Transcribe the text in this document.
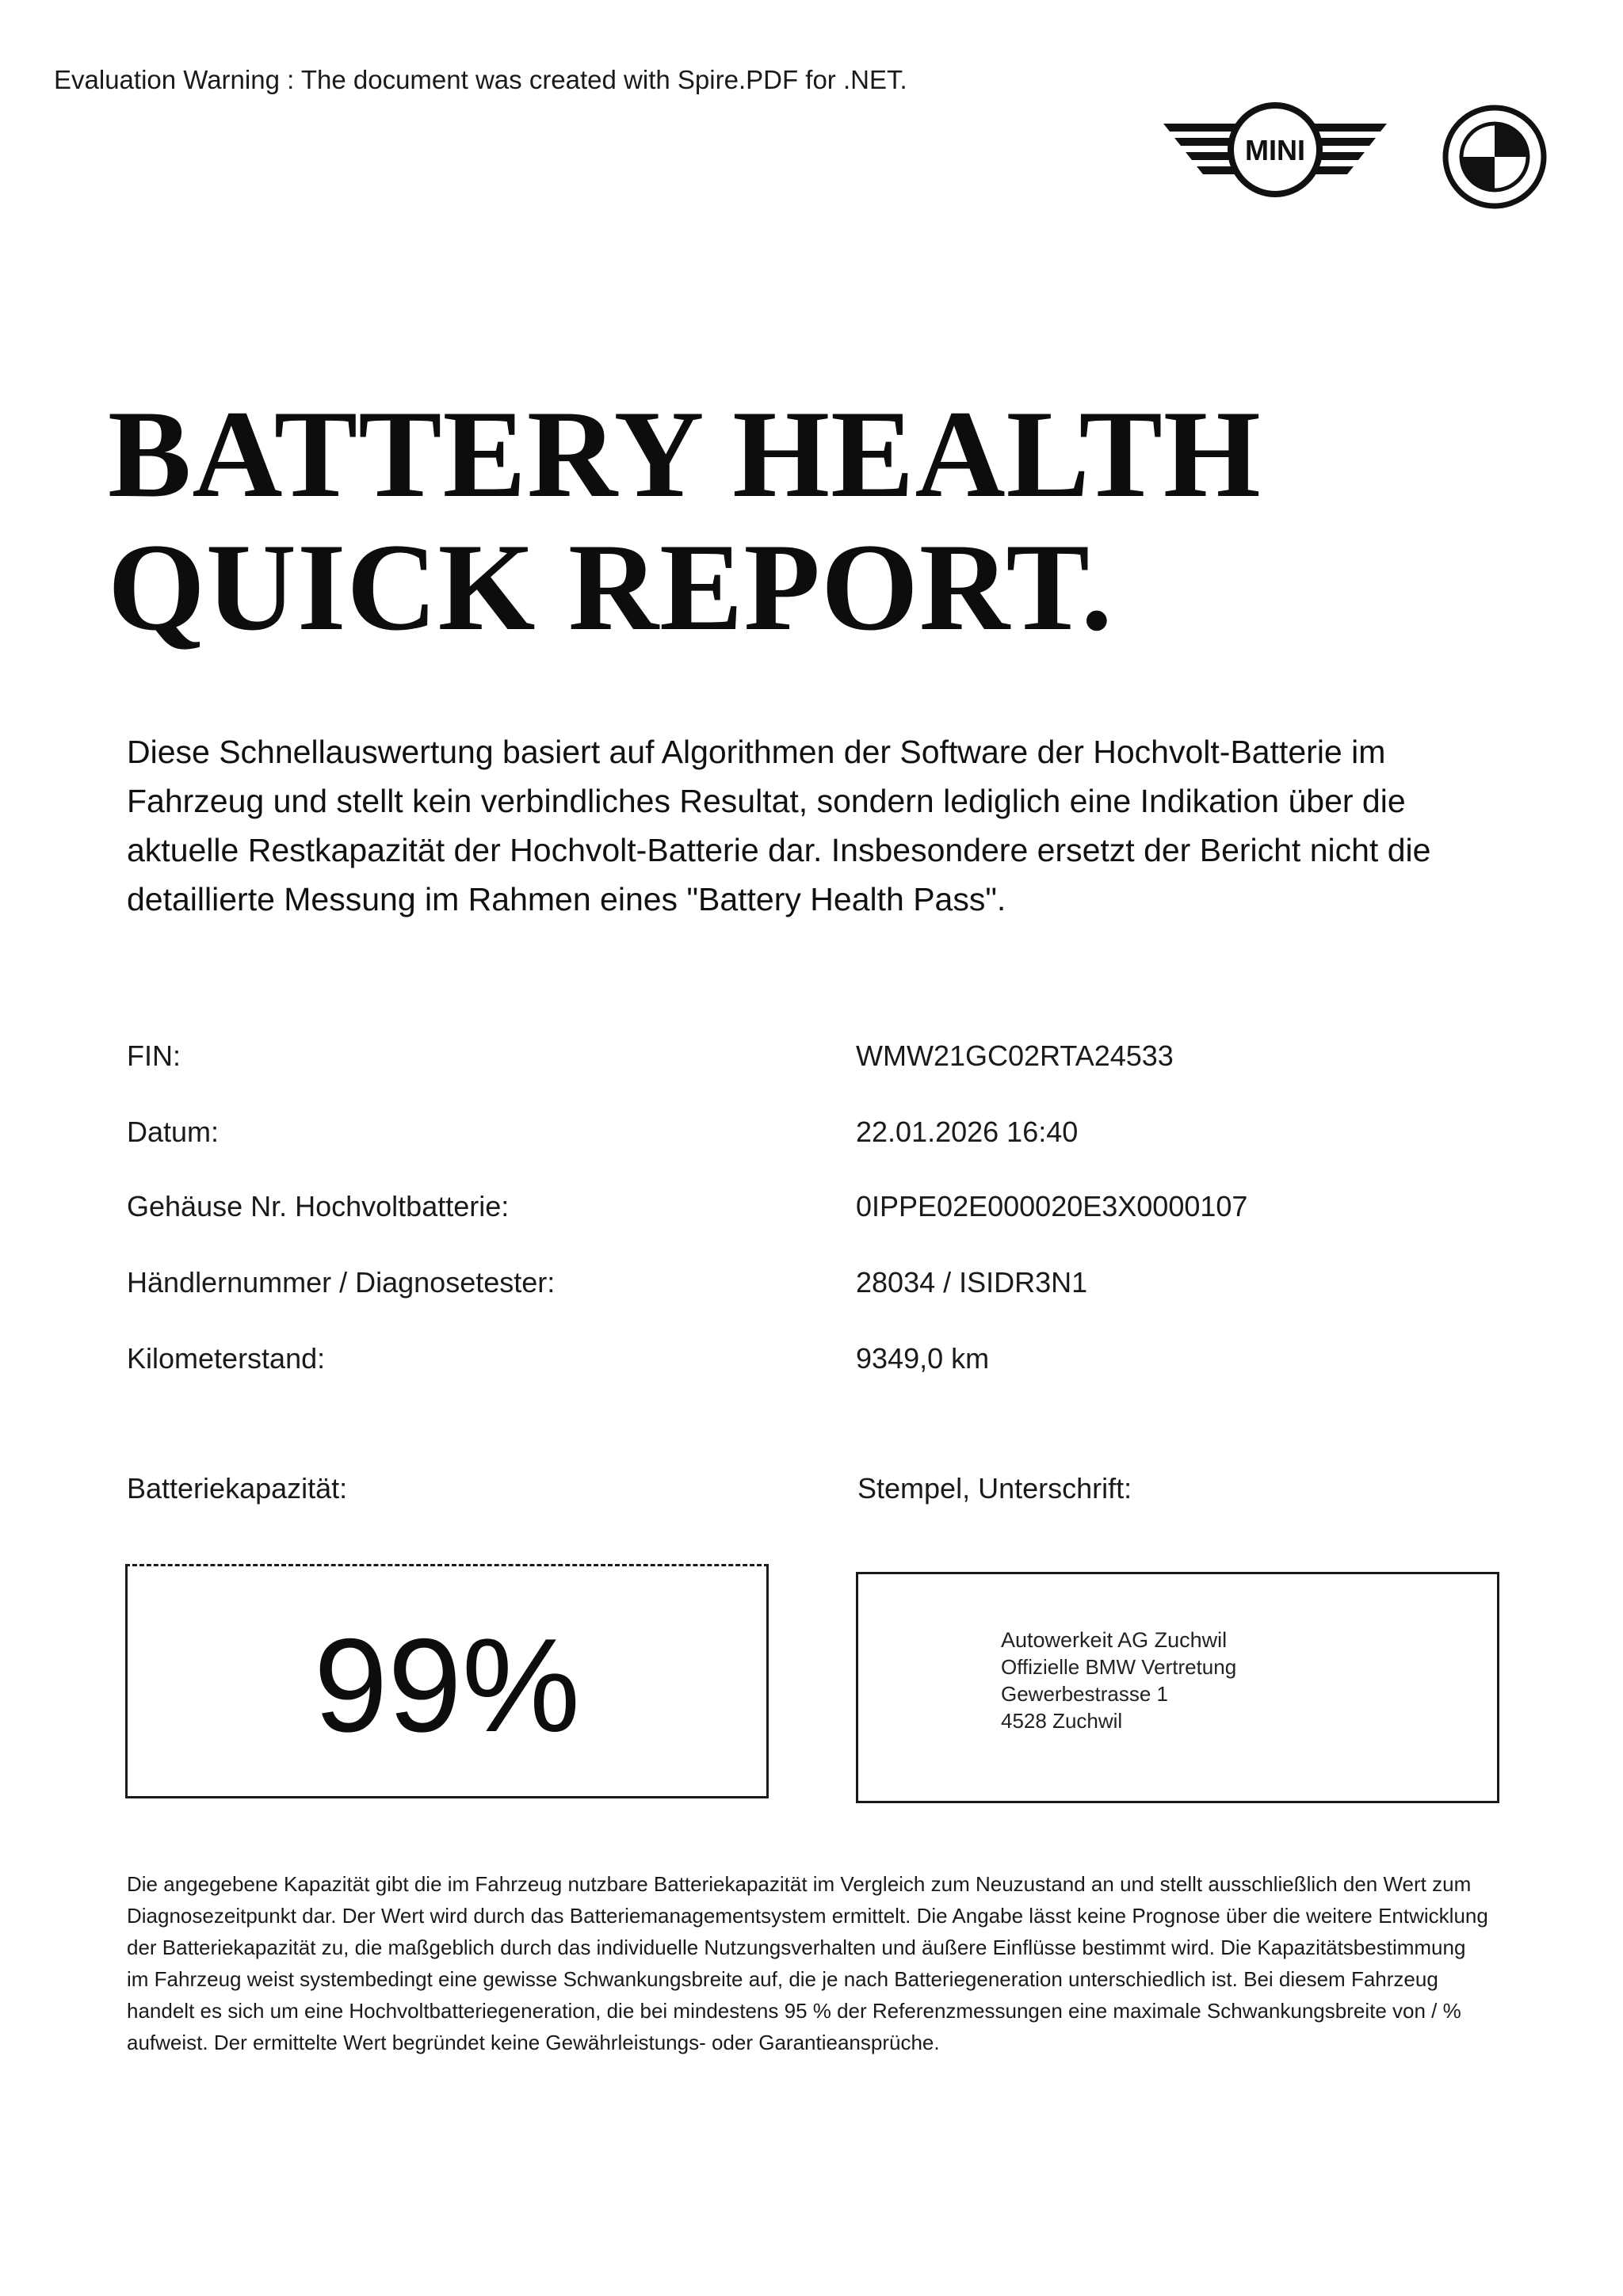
Evaluation Warning : The document was created with Spire.PDF for .NET.
MINI
BATTERY HEALTH
QUICK REPORT.
Diese Schnellauswertung basiert auf Algorithmen der Software der Hochvolt-Batterie im Fahrzeug und stellt kein verbindliches Resultat, sondern lediglich eine Indikation über die aktuelle Restkapazität der Hochvolt-Batterie dar. Insbesondere ersetzt der Bericht nicht die detaillierte Messung im Rahmen eines "Battery Health Pass".
FIN:	WMW21GC02RTA24533
Datum:	22.01.2026 16:40
Gehäuse Nr. Hochvoltbatterie:	0IPPE02E000020E3X0000107
Händlernummer / Diagnosetester:	28034 / ISIDR3N1
Kilometerstand:	9349,0 km
Batteriekapazität:	Stempel, Unterschrift:
99%	Autowerkeit AG Zuchwil
Offizielle BMW Vertretung
Gewerbestrasse 1
4528 Zuchwil
Die angegebene Kapazität gibt die im Fahrzeug nutzbare Batteriekapazität im Vergleich zum Neuzustand an und stellt ausschließlich den Wert zum Diagnosezeitpunkt dar. Der Wert wird durch das Batteriemanagementsystem ermittelt. Die Angabe lässt keine Prognose über die weitere Entwicklung der Batteriekapazität zu, die maßgeblich durch das individuelle Nutzungsverhalten und äußere Einflüsse bestimmt wird. Die Kapazitätsbestimmung im Fahrzeug weist systembedingt eine gewisse Schwankungsbreite auf, die je nach Batteriegeneration unterschiedlich ist. Bei diesem Fahrzeug handelt es sich um eine Hochvoltbatteriegeneration, die bei mindestens 95 % der Referenzmessungen eine maximale Schwankungsbreite von / % aufweist. Der ermittelte Wert begründet keine Gewährleistungs- oder Garantieansprüche.
